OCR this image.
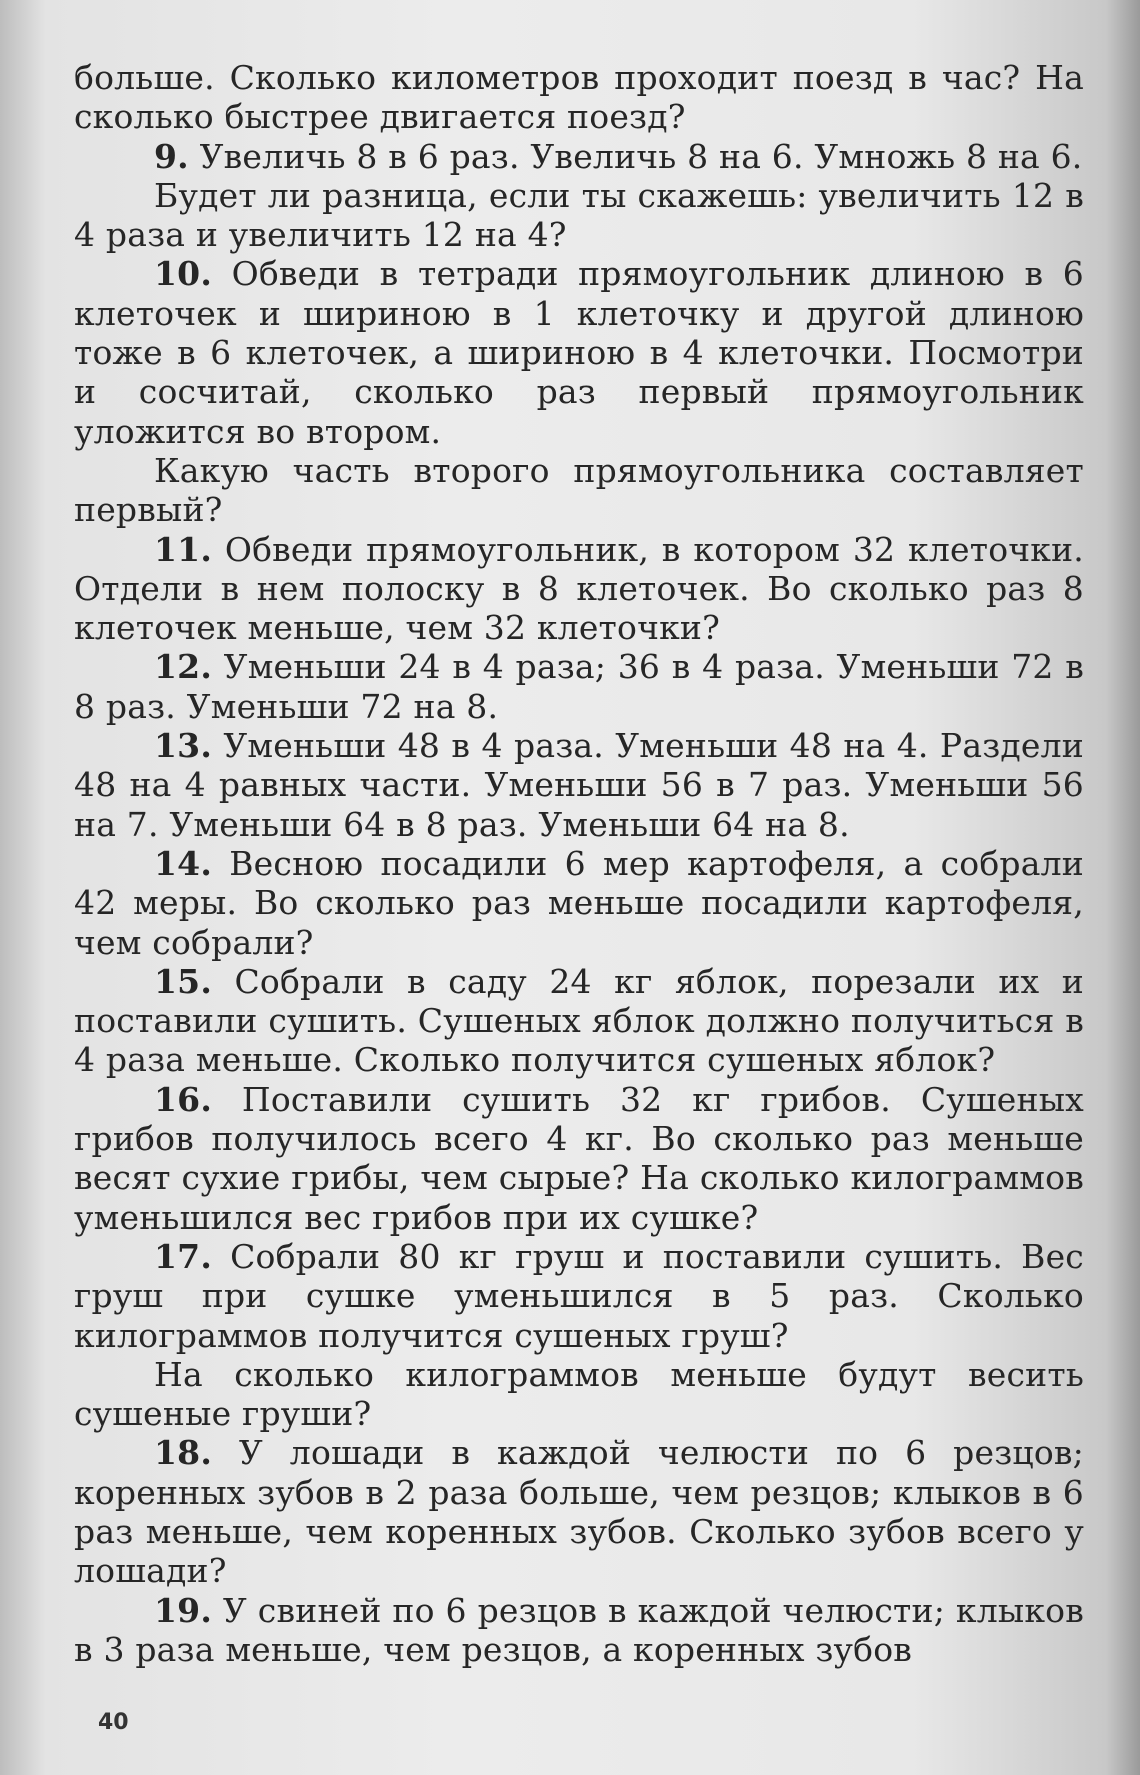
больше. Сколько километров проходит поезд в час? На сколько быстрее двигается поезд?

9. Увеличь 8 в 6 раз. Увеличь 8 на 6. Умножь 8 на 6.

Будет ли разница, если ты скажешь: увеличить 12 в 4 раза и увеличить 12 на 4?

10. Обведи в тетради прямоугольник длиною в 6 клеточек и шириною в 1 клеточку и другой длиною тоже в 6 клеточек, а шириною в 4 клеточки. Посмотри и сосчитай, сколько раз первый прямоугольник уложится во втором.

Какую часть второго прямоугольника составляет первый?

11. Обведи прямоугольник, в котором 32 клеточки. Отдели в нем полоску в 8 клеточек. Во сколько раз 8 клеточек меньше, чем 32 клеточки?

12. Уменьши 24 в 4 раза; 36 в 4 раза. Уменьши 72 в 8 раз. Уменьши 72 на 8.

13. Уменьши 48 в 4 раза. Уменьши 48 на 4. Раздели 48 на 4 равных части. Уменьши 56 в 7 раз. Уменьши 56 на 7. Уменьши 64 в 8 раз. Уменьши 64 на 8.

14. Весною посадили 6 мер картофеля, а собрали 42 меры. Во сколько раз меньше посадили картофеля, чем собрали?

15. Собрали в саду 24 кг яблок, порезали их и поставили сушить. Сушеных яблок должно получиться в 4 раза меньше. Сколько получится сушеных яблок?

16. Поставили сушить 32 кг грибов. Сушеных грибов получилось всего 4 кг. Во сколько раз меньше весят сухие грибы, чем сырые? На сколько килограммов уменьшился вес грибов при их сушке?

17. Собрали 80 кг груш и поставили сушить. Вес груш при сушке уменьшился в 5 раз. Сколько килограммов получится сушеных груш?

На сколько килограммов меньше будут весить сушеные груши?

18. У лошади в каждой челюсти по 6 резцов; коренных зубов в 2 раза больше, чем резцов; клыков в 6 раз меньше, чем коренных зубов. Сколько зубов всего у лошади?

19. У свиней по 6 резцов в каждой челюсти; клыков в 3 раза меньше, чем резцов, а коренных зубов

40
